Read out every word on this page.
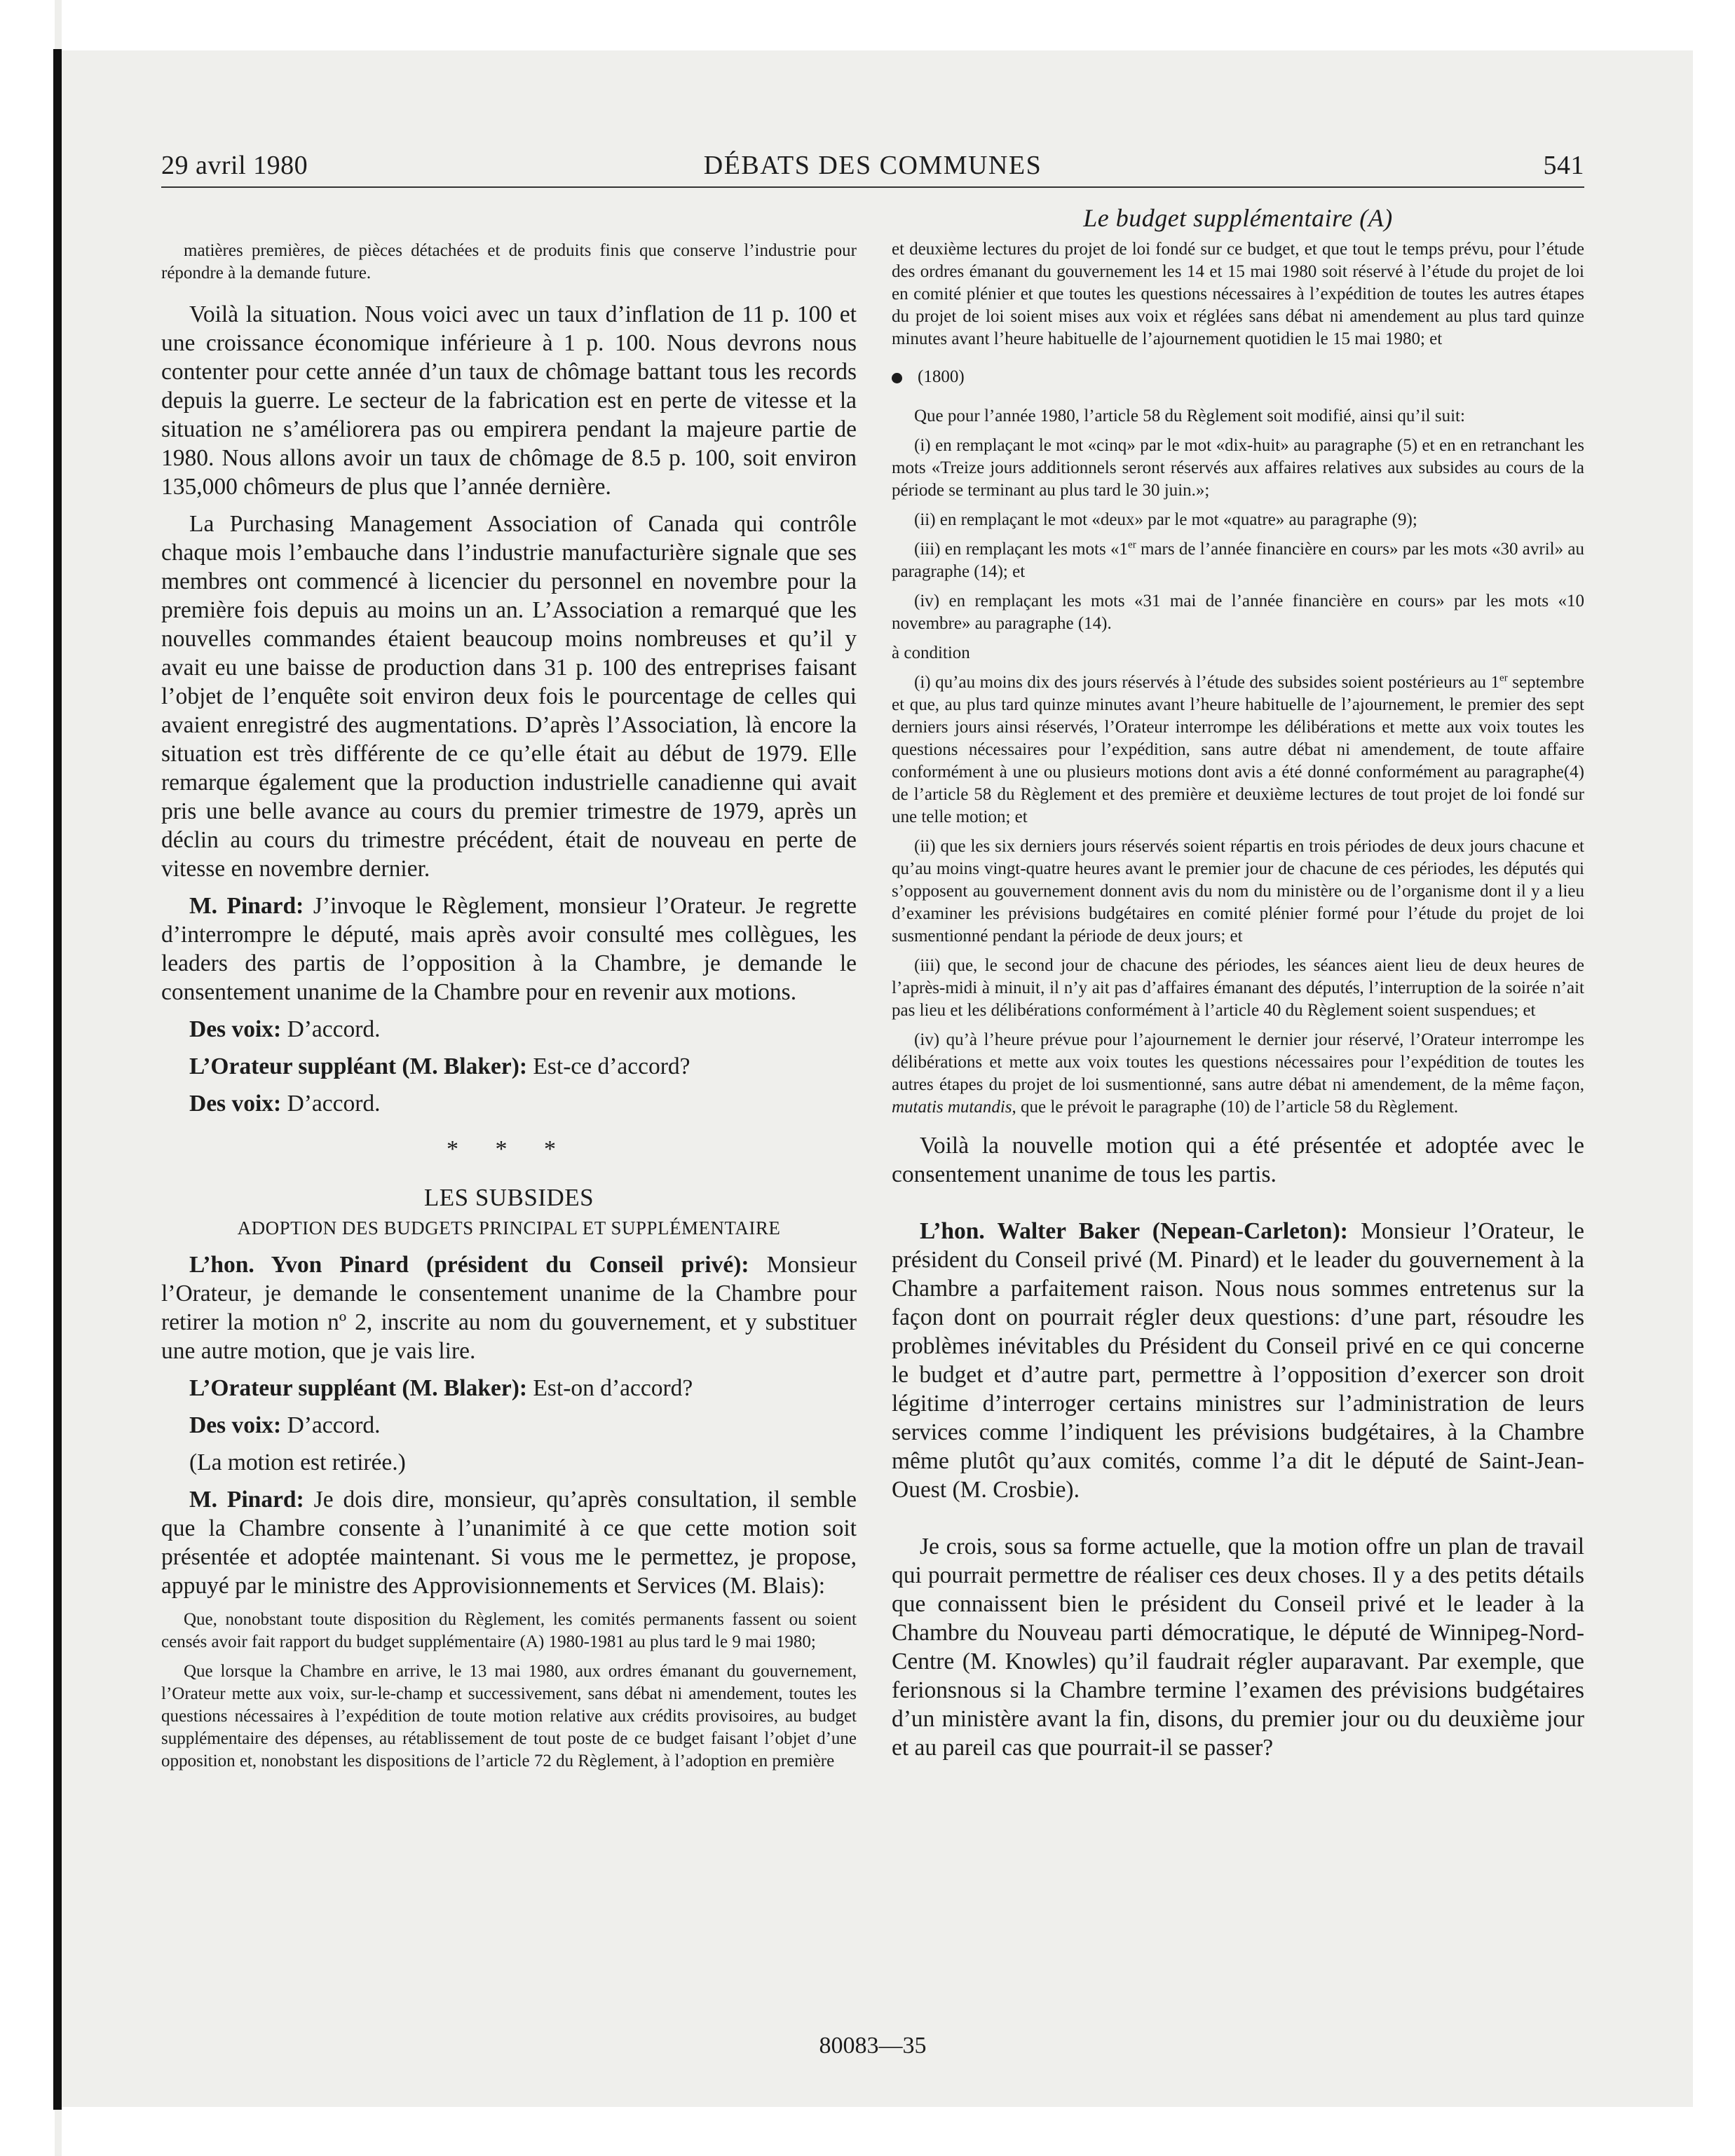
29 avril 1980	DÉBATS DES COMMUNES	541

matières premières, de pièces détachées et de produits finis que conserve l’industrie pour répondre à la demande future.

Voilà la situation. Nous voici avec un taux d’inflation de 11 p. 100 et une croissance économique inférieure à 1 p. 100. Nous devrons nous contenter pour cette année d’un taux de chômage battant tous les records depuis la guerre. Le secteur de la fabrication est en perte de vitesse et la situation ne s’améliorera pas ou empirera pendant la majeure partie de 1980. Nous allons avoir un taux de chômage de 8.5 p. 100, soit environ 135,000 chômeurs de plus que l’année dernière.

La Purchasing Management Association of Canada qui contrôle chaque mois l’embauche dans l’industrie manufacturière signale que ses membres ont commencé à licencier du personnel en novembre pour la première fois depuis au moins un an. L’Association a remarqué que les nouvelles commandes étaient beaucoup moins nombreuses et qu’il y avait eu une baisse de production dans 31 p. 100 des entreprises faisant l’objet de l’enquête soit environ deux fois le pourcentage de celles qui avaient enregistré des augmentations. D’après l’Association, là encore la situation est très différente de ce qu’elle était au début de 1979. Elle remarque également que la production industrielle canadienne qui avait pris une belle avance au cours du premier trimestre de 1979, après un déclin au cours du trimestre précédent, était de nouveau en perte de vitesse en novembre dernier.

M. Pinard: J’invoque le Règlement, monsieur l’Orateur. Je regrette d’interrompre le député, mais après avoir consulté mes collègues, les leaders des partis de l’opposition à la Chambre, je demande le consentement unanime de la Chambre pour en revenir aux motions.

Des voix: D’accord.

L’Orateur suppléant (M. Blaker): Est-ce d’accord?

Des voix: D’accord.

* * *
LES SUBSIDES
ADOPTION DES BUDGETS PRINCIPAL ET SUPPLÉMENTAIRE

L’hon. Yvon Pinard (président du Conseil privé): Monsieur l’Orateur, je demande le consentement unanime de la Chambre pour retirer la motion nº 2, inscrite au nom du gouvernement, et y substituer une autre motion, que je vais lire.

L’Orateur suppléant (M. Blaker): Est-on d’accord?

Des voix: D’accord.

(La motion est retirée.)

M. Pinard: Je dois dire, monsieur, qu’après consultation, il semble que la Chambre consente à l’unanimité à ce que cette motion soit présentée et adoptée maintenant. Si vous me le permettez, je propose, appuyé par le ministre des Approvisionnements et Services (M. Blais):

Que, nonobstant toute disposition du Règlement, les comités permanents fassent ou soient censés avoir fait rapport du budget supplémentaire (A) 1980-1981 au plus tard le 9 mai 1980;

Que lorsque la Chambre en arrive, le 13 mai 1980, aux ordres émanant du gouvernement, l’Orateur mette aux voix, sur-le-champ et successivement, sans débat ni amendement, toutes les questions nécessaires à l’expédition de toute motion relative aux crédits provisoires, au budget supplémentaire des dépenses, au rétablissement de tout poste de ce budget faisant l’objet d’une opposition et, nonobstant les dispositions de l’article 72 du Règlement, à l’adoption en première

Le budget supplémentaire (A)

et deuxième lectures du projet de loi fondé sur ce budget, et que tout le temps prévu, pour l’étude des ordres émanant du gouvernement les 14 et 15 mai 1980 soit réservé à l’étude du projet de loi en comité plénier et que toutes les questions nécessaires à l’expédition de toutes les autres étapes du projet de loi soient mises aux voix et réglées sans débat ni amendement au plus tard quinze minutes avant l’heure habituelle de l’ajournement quotidien le 15 mai 1980; et

(1800)

Que pour l’année 1980, l’article 58 du Règlement soit modifié, ainsi qu’il suit:

(i) en remplaçant le mot «cinq» par le mot «dix-huit» au paragraphe (5) et en en retranchant les mots «Treize jours additionnels seront réservés aux affaires relatives aux subsides au cours de la période se terminant au plus tard le 30 juin.»;

(ii) en remplaçant le mot «deux» par le mot «quatre» au paragraphe (9);

(iii) en remplaçant les mots «1er mars de l’année financière en cours» par les mots «30 avril» au paragraphe (14); et

(iv) en remplaçant les mots «31 mai de l’année financière en cours» par les mots «10 novembre» au paragraphe (14).

à condition

(i) qu’au moins dix des jours réservés à l’étude des subsides soient postérieurs au 1er septembre et que, au plus tard quinze minutes avant l’heure habituelle de l’ajournement, le premier des sept derniers jours ainsi réservés, l’Orateur interrompe les délibérations et mette aux voix toutes les questions nécessaires pour l’expédition, sans autre débat ni amendement, de toute affaire conformément à une ou plusieurs motions dont avis a été donné conformément au paragraphe(4) de l’article 58 du Règlement et des première et deuxième lectures de tout projet de loi fondé sur une telle motion; et

(ii) que les six derniers jours réservés soient répartis en trois périodes de deux jours chacune et qu’au moins vingt-quatre heures avant le premier jour de chacune de ces périodes, les députés qui s’opposent au gouvernement donnent avis du nom du ministère ou de l’organisme dont il y a lieu d’examiner les prévisions budgétaires en comité plénier formé pour l’étude du projet de loi susmentionné pendant la période de deux jours; et

(iii) que, le second jour de chacune des périodes, les séances aient lieu de deux heures de l’après-midi à minuit, il n’y ait pas d’affaires émanant des députés, l’interruption de la soirée n’ait pas lieu et les délibérations conformément à l’article 40 du Règlement soient suspendues; et

(iv) qu’à l’heure prévue pour l’ajournement le dernier jour réservé, l’Orateur interrompe les délibérations et mette aux voix toutes les questions nécessaires pour l’expédition de toutes les autres étapes du projet de loi susmentionné, sans autre débat ni amendement, de la même façon, mutatis mutandis, que le prévoit le paragraphe (10) de l’article 58 du Règlement.

Voilà la nouvelle motion qui a été présentée et adoptée avec le consentement unanime de tous les partis.

L’hon. Walter Baker (Nepean-Carleton): Monsieur l’Orateur, le président du Conseil privé (M. Pinard) et le leader du gouvernement à la Chambre a parfaitement raison. Nous nous sommes entretenus sur la façon dont on pourrait régler deux questions: d’une part, résoudre les problèmes inévitables du Président du Conseil privé en ce qui concerne le budget et d’autre part, permettre à l’opposition d’exercer son droit légitime d’interroger certains ministres sur l’administration de leurs services comme l’indiquent les prévisions budgétaires, à la Chambre même plutôt qu’aux comités, comme l’a dit le député de Saint-Jean-Ouest (M. Crosbie).

Je crois, sous sa forme actuelle, que la motion offre un plan de travail qui pourrait permettre de réaliser ces deux choses. Il y a des petits détails que connaissent bien le président du Conseil privé et le leader à la Chambre du Nouveau parti démocratique, le député de Winnipeg-Nord-Centre (M. Knowles) qu’il faudrait régler auparavant. Par exemple, que ferionsnous si la Chambre termine l’examen des prévisions budgétaires d’un ministère avant la fin, disons, du premier jour ou du deuxième jour et au pareil cas que pourrait-il se passer?

80083—35
